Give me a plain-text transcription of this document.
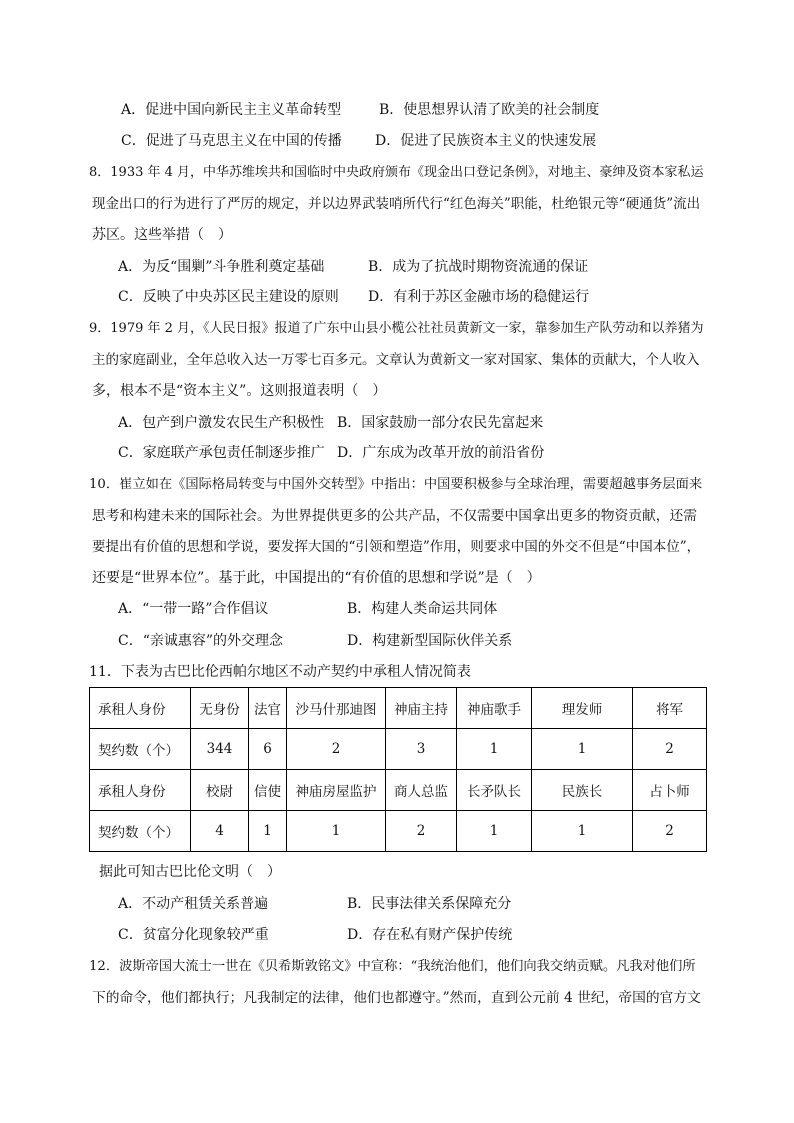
A．促进中国向新民主主义革命转型	B．使思想界认清了欧美的社会制度
C．促进了马克思主义在中国的传播 D．促进了民族资本主义的快速发展
8．1933 年 4 月，中华苏维埃共和国临时中央政府颁布《现金出口登记条例》，对地主、豪绅及资本家私运
现金出口的行为进行了严厉的规定，并以边界武装哨所代行“红色海关”职能，杜绝银元等“硬通货”流出
苏区。这些举措（　）
A．为反“围剿”斗争胜利奠定基础	B．成为了抗战时期物资流通的保证
C．反映了中央苏区民主建设的原则 D．有利于苏区金融市场的稳健运行
9．1979 年 2 月，《人民日报》报道了广东中山县小榄公社社员黄新文一家，靠参加生产队劳动和以养猪为
主的家庭副业，全年总收入达一万零七百多元。文章认为黄新文一家对国家、集体的贡献大，个人收入
多，根本不是“资本主义”。这则报道表明（　）
A．包产到户激发农民生产积极性 B．国家鼓励一部分农民先富起来
C．家庭联产承包责任制逐步推广 D．广东成为改革开放的前沿省份
10．崔立如在《国际格局转变与中国外交转型》中指出：中国要积极参与全球治理，需要超越事务层面来
思考和构建未来的国际社会。为世界提供更多的公共产品，不仅需要中国拿出更多的物资贡献，还需
要提出有价值的思想和学说，要发挥大国的“引领和塑造”作用，则要求中国的外交不但是“中国本位”，
还要是“世界本位”。基于此，中国提出的“有价值的思想和学说”是（　）
A．“一带一路”合作倡议	B．构建人类命运共同体
C．“亲诚惠容”的外交理念	D．构建新型国际伙伴关系
11．下表为古巴比伦西帕尔地区不动产契约中承租人情况简表
承租人身份	无身份	法官	沙马什那迪图	神庙主持	神庙歌手	理发师	将军
契约数（个）	344	6	2	3	1	1	2
承租人身份	校尉	信使	神庙房屋监护	商人总监	长矛队长	民族长	占卜师
契约数（个）	4	1	1	2	1	1	2
据此可知古巴比伦文明（　）
A．不动产租赁关系普遍	B．民事法律关系保障充分
C．贫富分化现象较严重	D．存在私有财产保护传统
12．波斯帝国大流士一世在《贝希斯敦铭文》中宣称：“我统治他们，他们向我交纳贡赋。凡我对他们所
下的命令，他们都执行；凡我制定的法律，他们也都遵守。”然而，直到公元前 4 世纪，帝国的官方文
